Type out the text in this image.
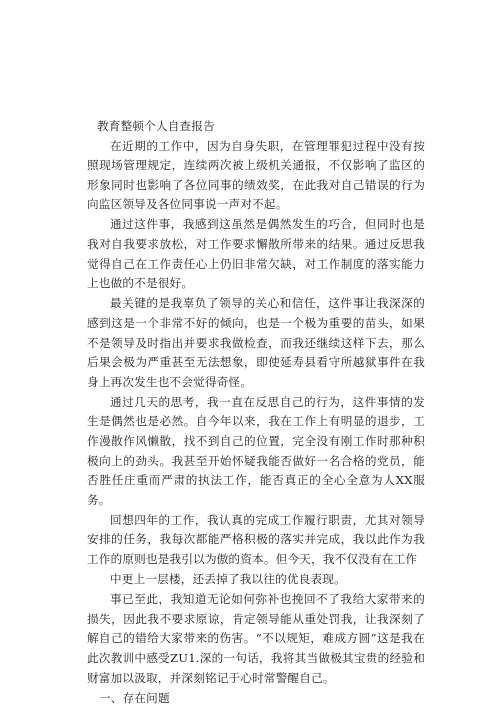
教育整顿个人自查报告

在近期的工作中，因为自身失职，在管理罪犯过程中没有按照现场管理规定，连续两次被上级机关通报，不仅影响了监区的形象同时也影响了各位同事的绩效奖，在此我对自己错误的行为向监区领导及各位同事说一声对不起。

通过这件事，我感到这虽然是偶然发生的巧合，但同时也是我对自我要求放松，对工作要求懈散所带来的结果。通过反思我觉得自己在工作责任心上仍旧非常欠缺，对工作制度的落实能力上也做的不是很好。

最关键的是我辜负了领导的关心和信任，这件事让我深深的感到这是一个非常不好的倾向，也是一个极为重要的苗头，如果不是领导及时指出并要求我做检查，而我还继续这样下去，那么后果会极为严重甚至无法想象，即使延寿县看守所越狱事件在我身上再次发生也不会觉得奇怪。

通过几天的思考，我一直在反思自己的行为，这件事情的发生是偶然也是必然。自今年以来，我在工作上有明显的退步，工作漫散作风懒散，找不到自己的位置，完全没有刚工作时那种积极向上的劲头。我甚至开始怀疑我能否做好一名合格的党员，能否胜任庄重而严肃的执法工作，能否真正的全心全意为人XX服务。

回想四年的工作，我认真的完成工作履行职责，尤其对领导安排的任务，我每次都能严格积极的落实并完成，我以此作为我工作的原则也是我引以为傲的资本。但今天，我不仅没有在工作

中更上一层楼，还丢掉了我以往的优良表现。

事已至此，我知道无论如何弥补也挽回不了我给大家带来的损失，因此我不要求原谅，肯定领导能从重处罚我，让我深刻了解自己的错给大家带来的伤害。“不以规矩，难成方圆”这是我在此次教训中感受ZU1.深的一句话，我将其当做极其宝贵的经验和财富加以汲取，并深刻铭记于心时常警醒自己。

一、存在问题
